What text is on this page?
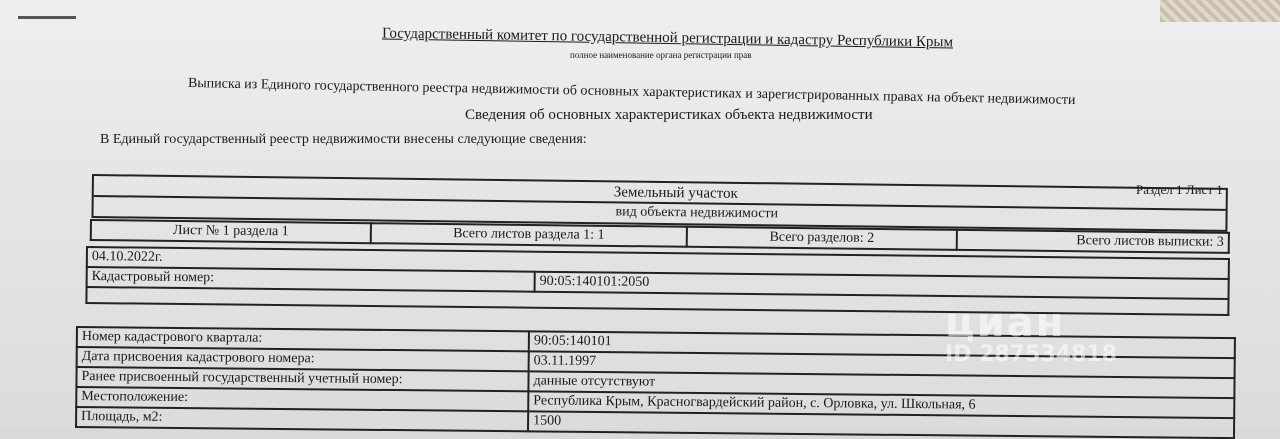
Государственный комитет по государственной регистрации и кадастру Республики Крым
полное наименование органа регистрации прав
Выписка из Единого государственного реестра недвижимости об основных характеристиках и зарегистрированных правах на объект недвижимости
Сведения об основных характеристиках объекта недвижимости
В Единый государственный реестр недвижимости внесены следующие сведения:
Земельный участок
вид объекта недвижимости
Раздел 1 Лист 1
Лист № 1 раздела 1	Всего листов раздела 1: 1	Всего разделов: 2	Всего листов выписки: 3
04.10.2022г.
Кадастровый номер:	90:05:140101:2050

Номер кадастрового квартала:	90:05:140101
Дата присвоения кадастрового номера:	03.11.1997
Ранее присвоенный государственный учетный номер:	данные отсутствуют
Местоположение:	Республика Крым, Красногвардейский район, с. Орловка, ул. Школьная, 6
Площадь, м2:	1500
циан
ID 287534818
